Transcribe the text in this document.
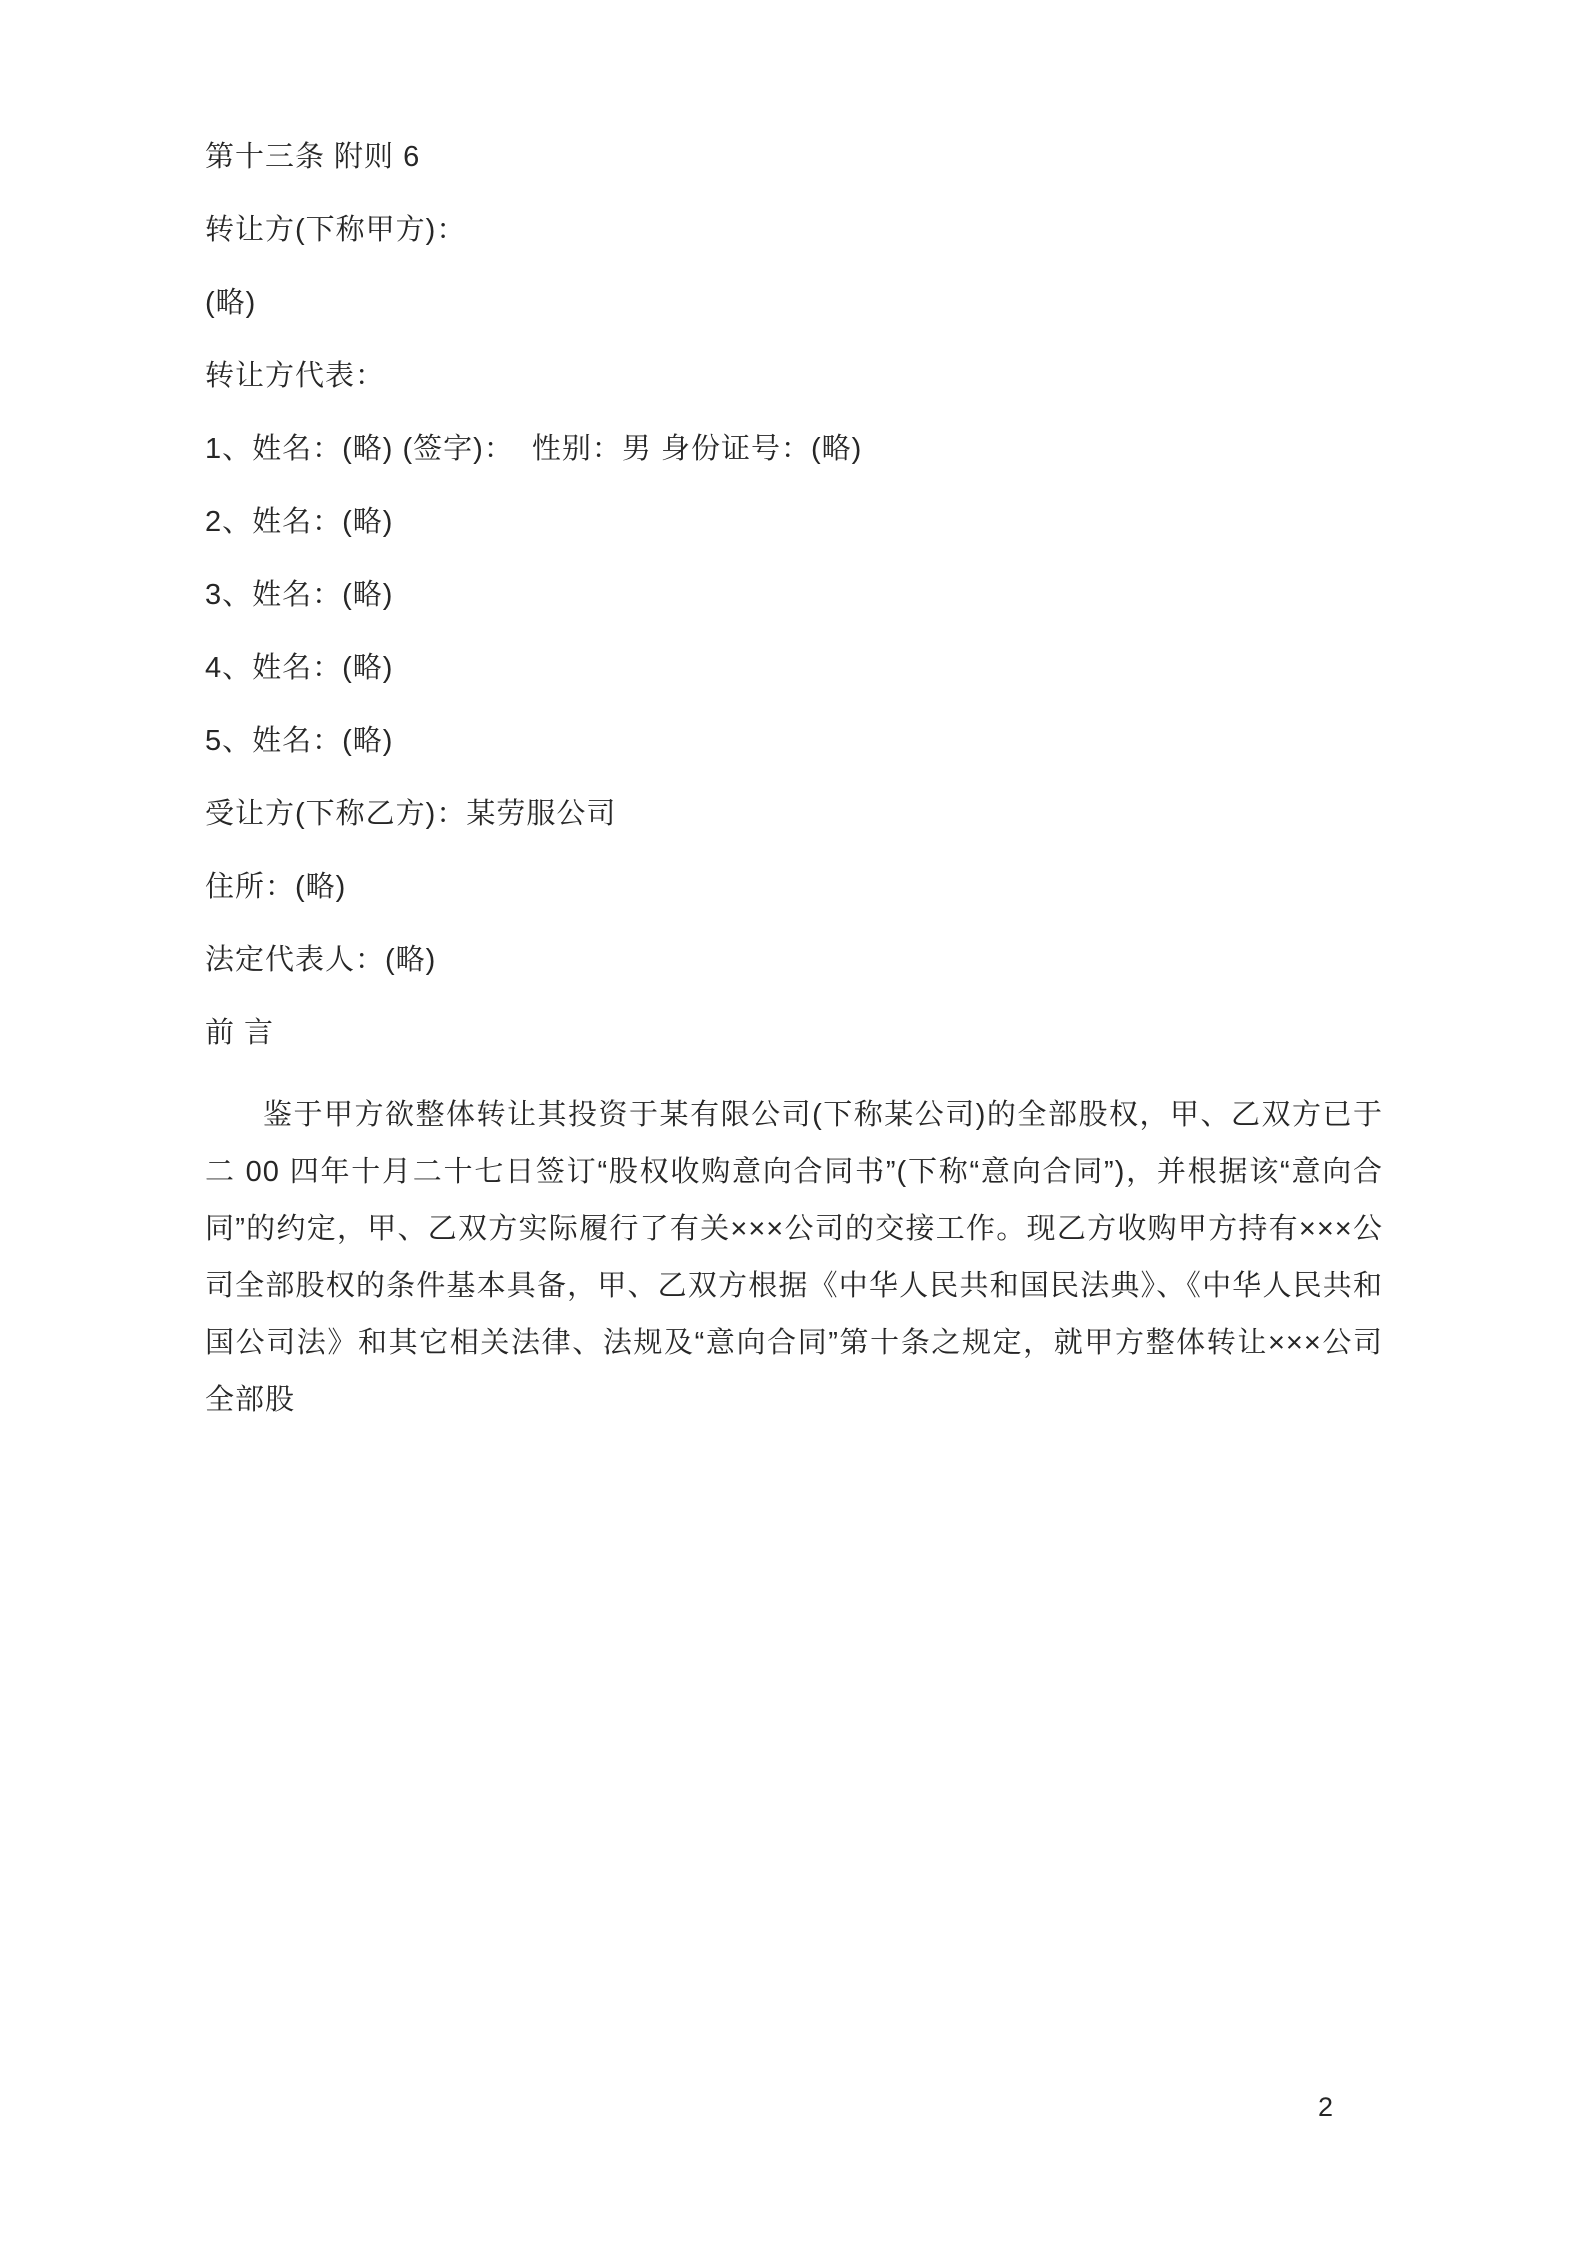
第十三条 附则 6
转让方(下称甲方)：
(略)
转让方代表：
1、姓名：(略) (签字)：  性别：男 身份证号：(略)
2、姓名：(略)
3、姓名：(略)
4、姓名：(略)
5、姓名：(略)
受让方(下称乙方)：某劳服公司
住所：(略)
法定代表人：(略)
前 言

鉴于甲方欲整体转让其投资于某有限公司(下称某公司)的全部股权，甲、乙双方已于二 00 四年十月二十七日签订“股权收购意向合同书”(下称“意向合同”)，并根据该“意向合同”的约定，甲、乙双方实际履行了有关×××公司的交接工作。现乙方收购甲方持有×××公司全部股权的条件基本具备，甲、乙双方根据《中华人民共和国民法典》、《中华人民共和国公司法》和其它相关法律、法规及“意向合同”第十条之规定，就甲方整体转让×××公司全部股

2
